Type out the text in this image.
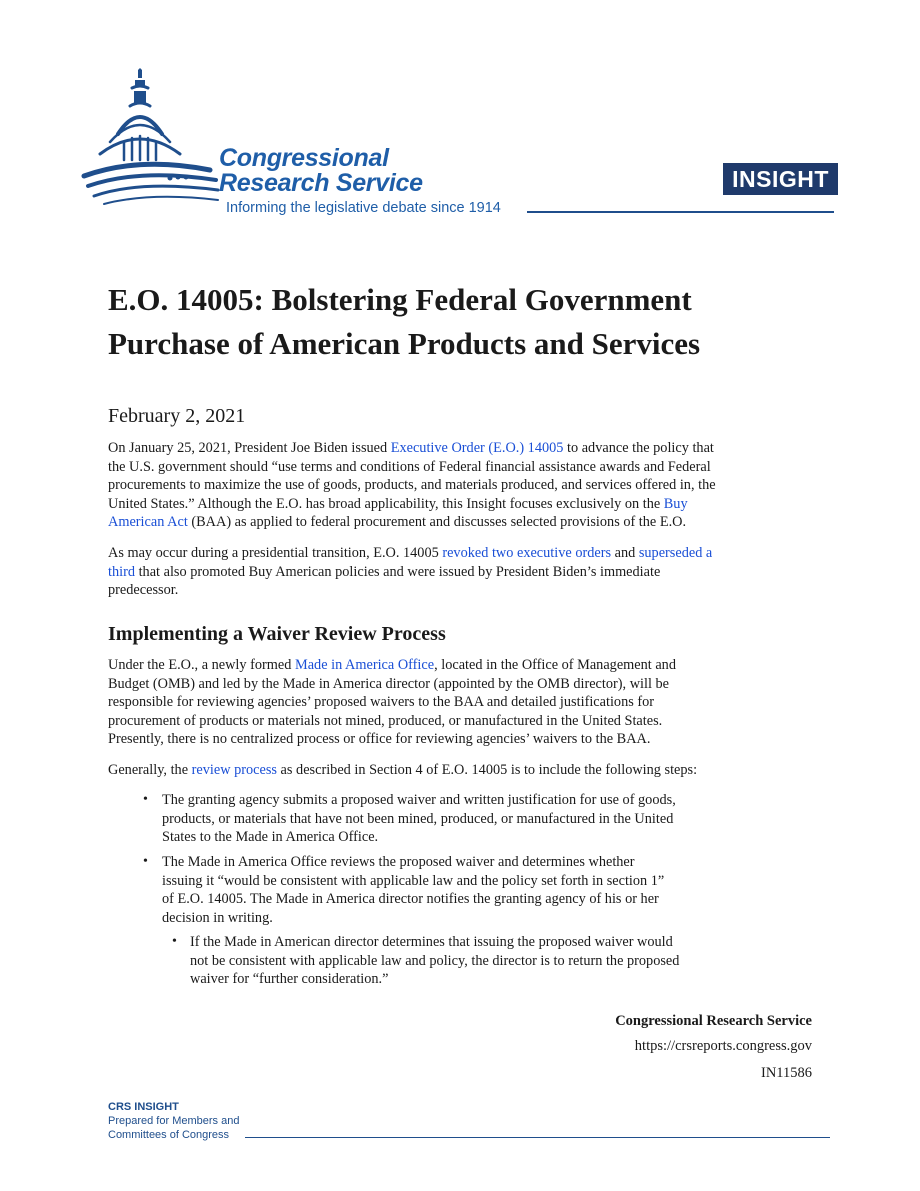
Congressional
Research Service
Informing the legislative debate since 1914
INSIGHT
E.O. 14005: Bolstering Federal Government
Purchase of American Products and Services
February 2, 2021

On January 25, 2021, President Joe Biden issued Executive Order (E.O.) 14005 to advance the policy that
the U.S. government should “use terms and conditions of Federal financial assistance awards and Federal
procurements to maximize the use of goods, products, and materials produced, and services offered in, the
United States.” Although the E.O. has broad applicability, this Insight focuses exclusively on the Buy
American Act (BAA) as applied to federal procurement and discusses selected provisions of the E.O.

As may occur during a presidential transition, E.O. 14005 revoked two executive orders and superseded a
third that also promoted Buy American policies and were issued by President Biden’s immediate
predecessor.

Implementing a Waiver Review Process

Under the E.O., a newly formed Made in America Office, located in the Office of Management and
Budget (OMB) and led by the Made in America director (appointed by the OMB director), will be
responsible for reviewing agencies’ proposed waivers to the BAA and detailed justifications for
procurement of products or materials not mined, produced, or manufactured in the United States.
Presently, there is no centralized process or office for reviewing agencies’ waivers to the BAA.

Generally, the review process as described in Section 4 of E.O. 14005 is to include the following steps:

• The granting agency submits a proposed waiver and written justification for use of goods,
products, or materials that have not been mined, produced, or manufactured in the United
States to the Made in America Office.

• The Made in America Office reviews the proposed waiver and determines whether
issuing it “would be consistent with applicable law and the policy set forth in section 1”
of E.O. 14005. The Made in America director notifies the granting agency of his or her
decision in writing.

• If the Made in American director determines that issuing the proposed waiver would
not be consistent with applicable law and policy, the director is to return the proposed
waiver for “further consideration.”

Congressional Research Service
https://crsreports.congress.gov
IN11586
CRS INSIGHT
Prepared for Members and
Committees of Congress
